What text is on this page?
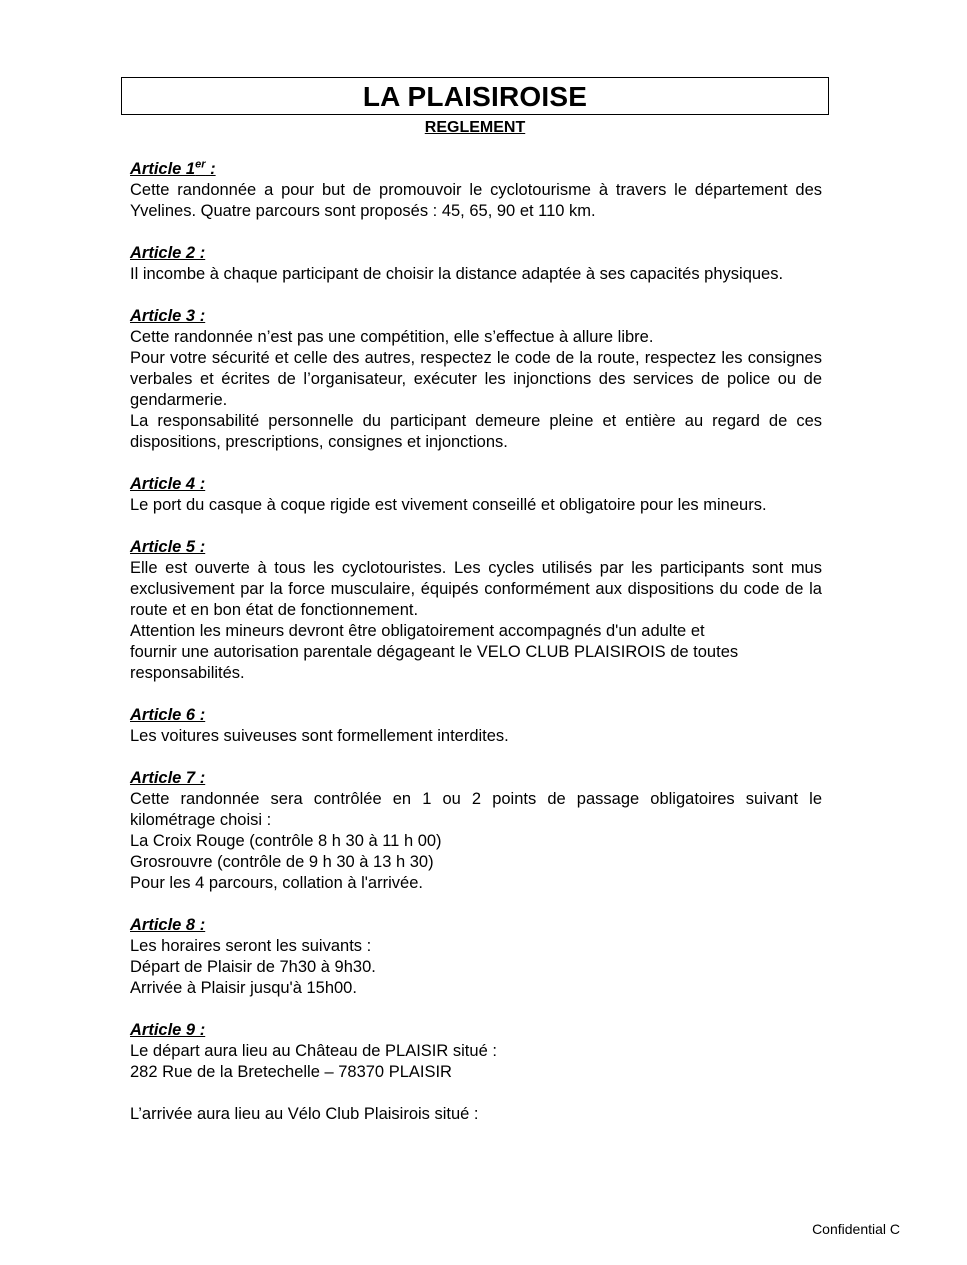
LA PLAISIROISE
REGLEMENT
Article 1er :
Cette randonnée a pour but de promouvoir le cyclotourisme à travers le département des Yvelines. Quatre parcours sont proposés : 45, 65, 90 et 110 km.
Article 2 :
Il incombe à chaque participant de choisir la distance adaptée à ses capacités physiques.
Article 3 :
Cette randonnée n’est pas une compétition, elle s’effectue à allure libre.
Pour votre sécurité et celle des autres, respectez le code de la route, respectez les consignes verbales et écrites de l’organisateur, exécuter les injonctions des services de police ou de gendarmerie.
La responsabilité personnelle du participant demeure pleine et entière au regard de ces dispositions, prescriptions, consignes et injonctions.
Article 4 :
Le port du casque à coque rigide est vivement conseillé et obligatoire pour les mineurs.
Article 5 :
Elle est ouverte à tous les cyclotouristes. Les cycles utilisés par les participants sont mus exclusivement par la force musculaire, équipés conformément aux dispositions du code de la route et en bon état de fonctionnement.
Attention les mineurs devront être obligatoirement accompagnés d'un adulte et
fournir une autorisation parentale dégageant le VELO CLUB PLAISIROIS de toutes
responsabilités.
Article 6 :
Les voitures suiveuses sont formellement interdites.
Article 7 :
Cette randonnée sera contrôlée en 1 ou 2 points de passage obligatoires suivant le kilométrage choisi :
La Croix Rouge (contrôle 8 h 30 à 11 h 00)
Grosrouvre (contrôle de 9 h 30 à 13 h 30)
Pour les 4 parcours, collation à l'arrivée.
Article 8 :
Les horaires seront les suivants :
Départ de Plaisir de 7h30 à 9h30.
Arrivée à Plaisir jusqu'à 15h00.
Article 9 :
Le départ aura lieu au Château de PLAISIR situé :
282 Rue de la Bretechelle – 78370 PLAISIR
L’arrivée aura lieu au Vélo Club Plaisirois situé :
Confidential C
